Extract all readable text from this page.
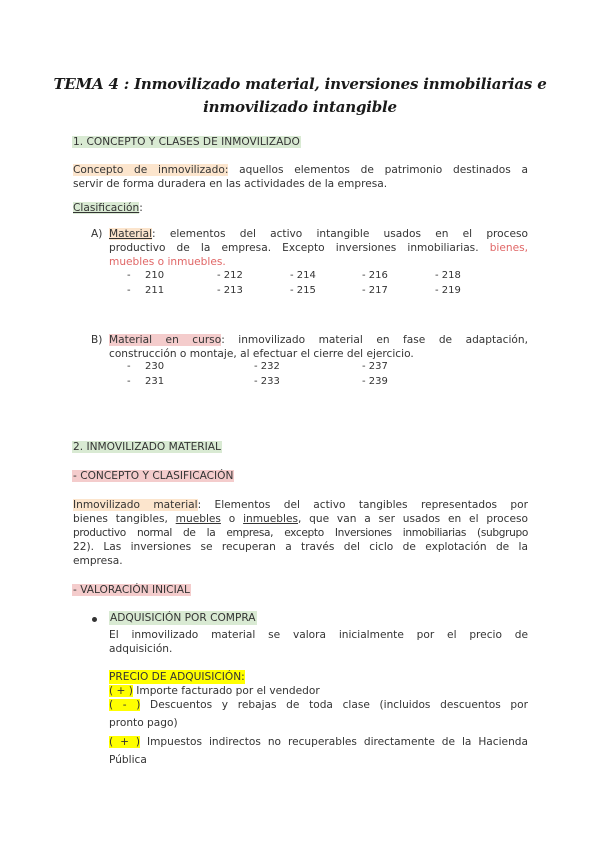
TEMA 4 : Inmovilizado material, inversiones inmobiliarias e
inmovilizado intangible
1. CONCEPTO Y CLASES DE INMOVILIZADO
Concepto de inmovilizado: aquellos elementos de patrimonio destinados a
servir de forma duradera en las actividades de la empresa.
Clasificación:
A) Material: elementos del activo intangible usados en el proceso
productivo de la empresa. Excepto inversiones inmobiliarias. bienes,
muebles o inmuebles.
- 210	- 212	- 214	- 216	- 218
- 211	- 213	- 215	- 217	- 219
B) Material en curso: inmovilizado material en fase de adaptación,
construcción o montaje, al efectuar el cierre del ejercicio.
- 230	- 232	- 237
- 231	- 233	- 239
2. INMOVILIZADO MATERIAL
- CONCEPTO Y CLASIFICACIÓN
Inmovilizado material: Elementos del activo tangibles representados por
bienes tangibles, muebles o inmuebles, que van a ser usados en el proceso
productivo normal de la empresa, excepto Inversiones inmobiliarias (subgrupo
22). Las inversiones se recuperan a través del ciclo de explotación de la
empresa.
- VALORACIÓN INICIAL
ADQUISICIÓN POR COMPRA
El inmovilizado material se valora inicialmente por el precio de
adquisición.
PRECIO DE ADQUISICIÓN:
( + ) Importe facturado por el vendedor
( - ) Descuentos y rebajas de toda clase (incluidos descuentos por
pronto pago)
( + ) Impuestos indirectos no recuperables directamente de la Hacienda
Pública
